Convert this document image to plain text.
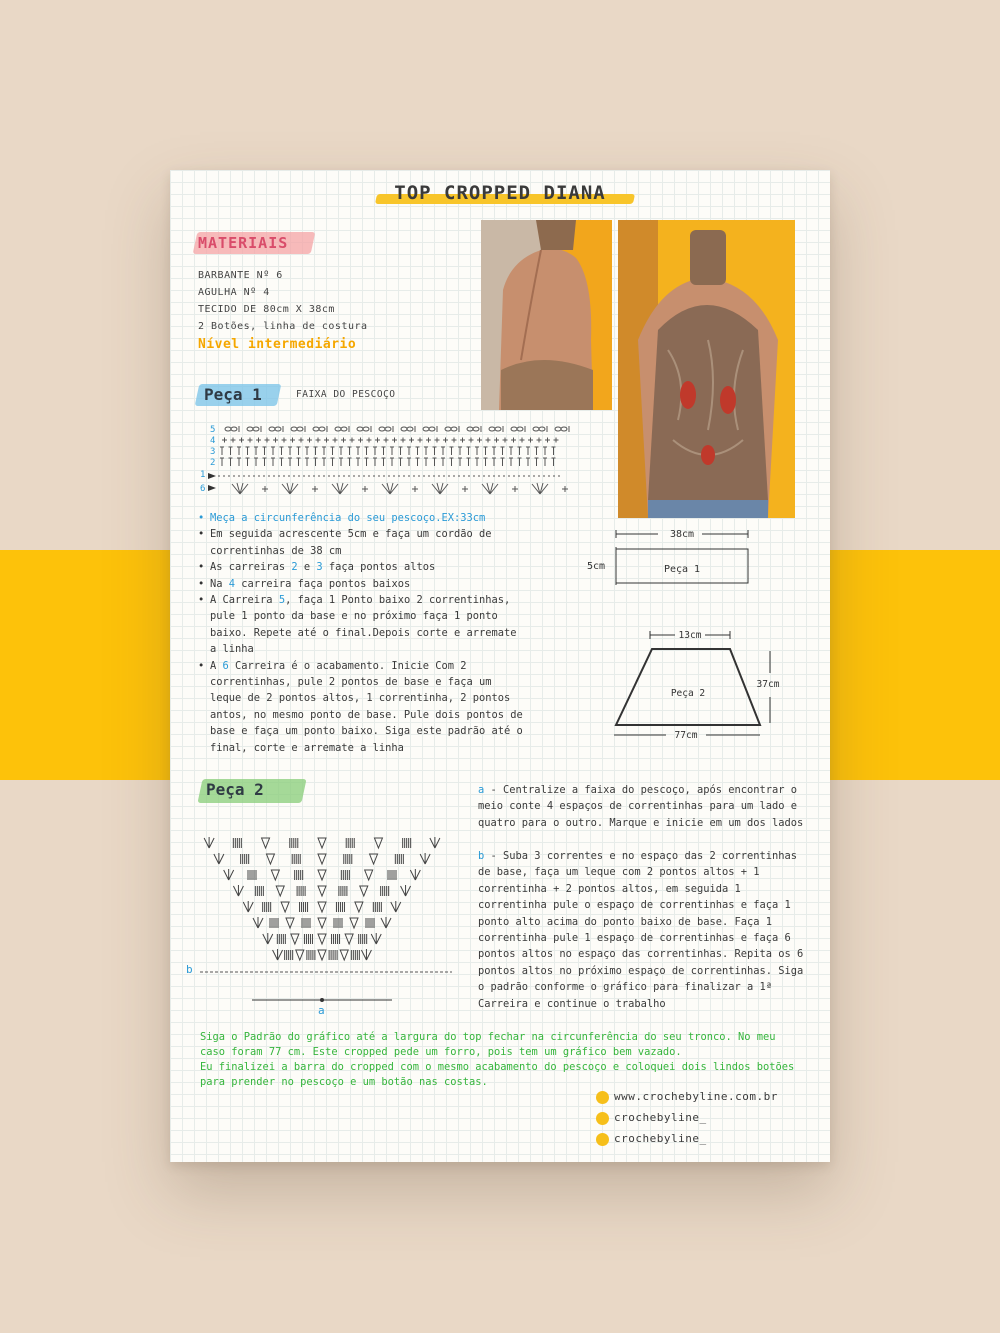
TOP CROPPED DIANA
MATERIAIS
BARBANTE Nº 6
AGULHA Nº 4
TECIDO DE 80cm X 38cm
2 Botões, linha de costura
Nível intermediário
Peça 1	FAIXA DO PESCOÇO
5
4
3
2
1
6
• Meça a circunferência do seu pescoço.EX:33cm
• Em seguida acrescente 5cm e faça um cordão de correntinhas de 38 cm
• As carreiras 2 e 3 faça pontos altos
• Na 4 carreira faça pontos baixos
• A Carreira 5, faça 1 Ponto baixo 2 correntinhas, pule 1 ponto da base e no próximo faça 1 ponto baixo. Repete até o final.Depois corte e arremate a linha
• A 6 Carreira é o acabamento. Inicie Com 2 correntinhas, pule 2 pontos de base e faça um leque de 2 pontos altos, 1 correntinha, 2 pontos antos, no mesmo ponto de base. Pule dois pontos de base e faça um ponto baixo. Siga este padrão até o final, corte e arremate a linha
38cm
5cm	Peça 1
13cm
Peça 2
37cm
77cm
Peça 2
b
a
a - Centralize a faixa do pescoço, após encontrar o meio conte 4 espaços de correntinhas para um lado e quatro para o outro. Marque e inicie em um dos lados
b - Suba 3 correntes e no espaço das 2 correntinhas de base, faça um leque com 2 pontos altos + 1 correntinha + 2 pontos altos, em seguida 1 correntinha pule o espaço de correntinhas e faça 1 ponto alto acima do ponto baixo de base. Faça 1 correntinha pule 1 espaço de correntinhas e faça 6 pontos altos no espaço das correntinhas. Repita os 6 pontos altos no próximo espaço de correntinhas. Siga o padrão conforme o gráfico para finalizar a 1ª Carreira e continue o trabalho
Siga o Padrão do gráfico até a largura do top fechar na circunferência do seu tronco. No meu caso foram 77 cm. Este cropped pede um forro, pois tem um gráfico bem vazado.
Eu finalizei a barra do cropped com o mesmo acabamento do pescoço e coloquei dois lindos botões para prender no pescoço e um botão nas costas.
www.crochebyline.com.br
crochebyline_
crochebyline_
